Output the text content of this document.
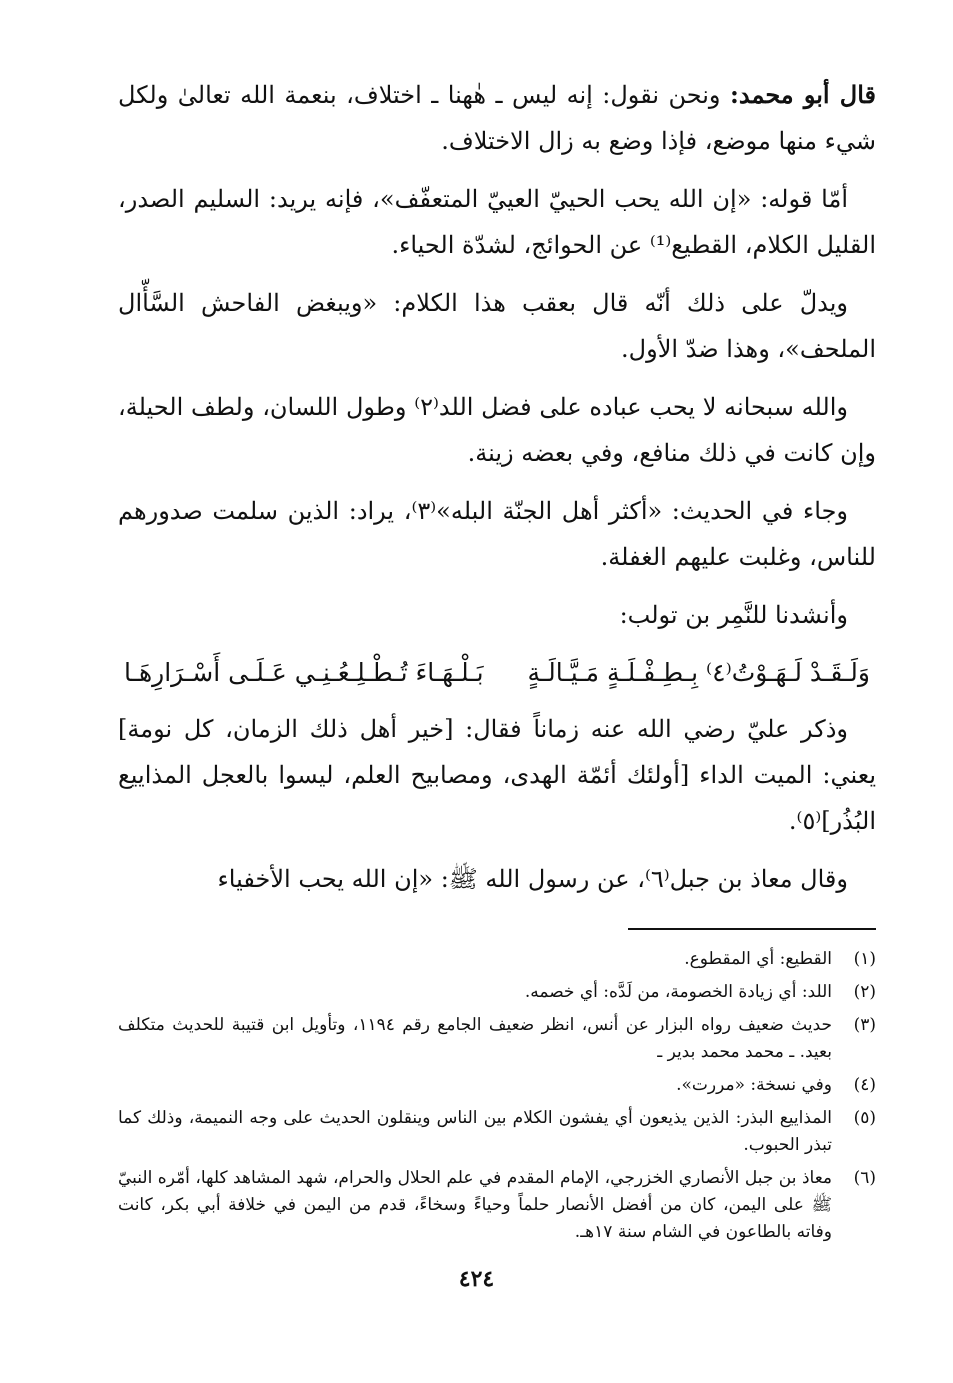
قال أبو محمد: ونحن نقول: إنه ليس ـ هٰهنا ـ اختلاف، بنعمة الله تعالىٰ ولكل شيء منها موضع، فإذا وضع به زال الاختلاف.

أمّا قوله: «إن الله يحب الحييّ العييّ المتعفّف»، فإنه يريد: السليم الصدر، القليل الكلام، القطيع⁽¹⁾ عن الحوائج، لشدّة الحياء.

ويدلّ على ذلك أنّه قال بعقب هذا الكلام: «ويبغض الفاحش السَّأّال الملحف»، وهذا ضدّ الأول.

والله سبحانه لا يحب عباده على فضل اللد⁽٢⁾ وطول اللسان، ولطف الحيلة، وإن كانت في ذلك منافع، وفي بعضه زينة.

وجاء في الحديث: «أكثر أهل الجنّة البله»⁽٣⁾، يراد: الذين سلمت صدورهم للناس، وغلبت عليهم الغفلة.

وأنشدنا للنَّمِر بن تولب:

وَلَـقَـدْ لَـهَـوْتُ⁽٤⁾ بِـطِـفْـلَـةٍ مَـيَّـالَـةٍ
بَـلْـهَـاءَ تُـطْـلِـعُـنِـي عَـلَـى أَسْـرَارِهَـا

وذكر عليّ رضي الله عنه زماناً فقال: [خير أهل ذلك الزمان، كل نومة] يعني: الميت الداء [أولئك أئمّة الهدى، ومصابيح العلم، ليسوا بالعجل المذاييع البُذُر]⁽٥⁾.

وقال معاذ بن جبل⁽٦⁾، عن رسول الله ﷺ: «إن الله يحب الأخفياء

(١)
القطيع: أي المقطوع.
(٢)
اللد: أي زيادة الخصومة، من لَدَّه: أي خصمه.
(٣)
حديث ضعيف رواه البزار عن أنس، انظر ضعيف الجامع رقم ١١٩٤، وتأويل ابن قتيبة للحديث متكلف بعيد. ـ محمد محمد بدير ـ
(٤)
وفي نسخة: «مررت».
(٥)
المذاييع البذر: الذين يذيعون أي يفشون الكلام بين الناس وينقلون الحديث على وجه النميمة، وذلك كما تبذر الحبوب.
(٦)
معاذ بن جبل الأنصاري الخزرجي، الإمام المقدم في علم الحلال والحرام، شهد المشاهد كلها، أمّره النبيّ ﷺ على اليمن، كان من أفضل الأنصار حلماً وحياءً وسخاءً، قدم من اليمن في خلافة أبي بكر، كانت وفاته بالطاعون في الشام سنة ١٧هـ.
٤٢٤
